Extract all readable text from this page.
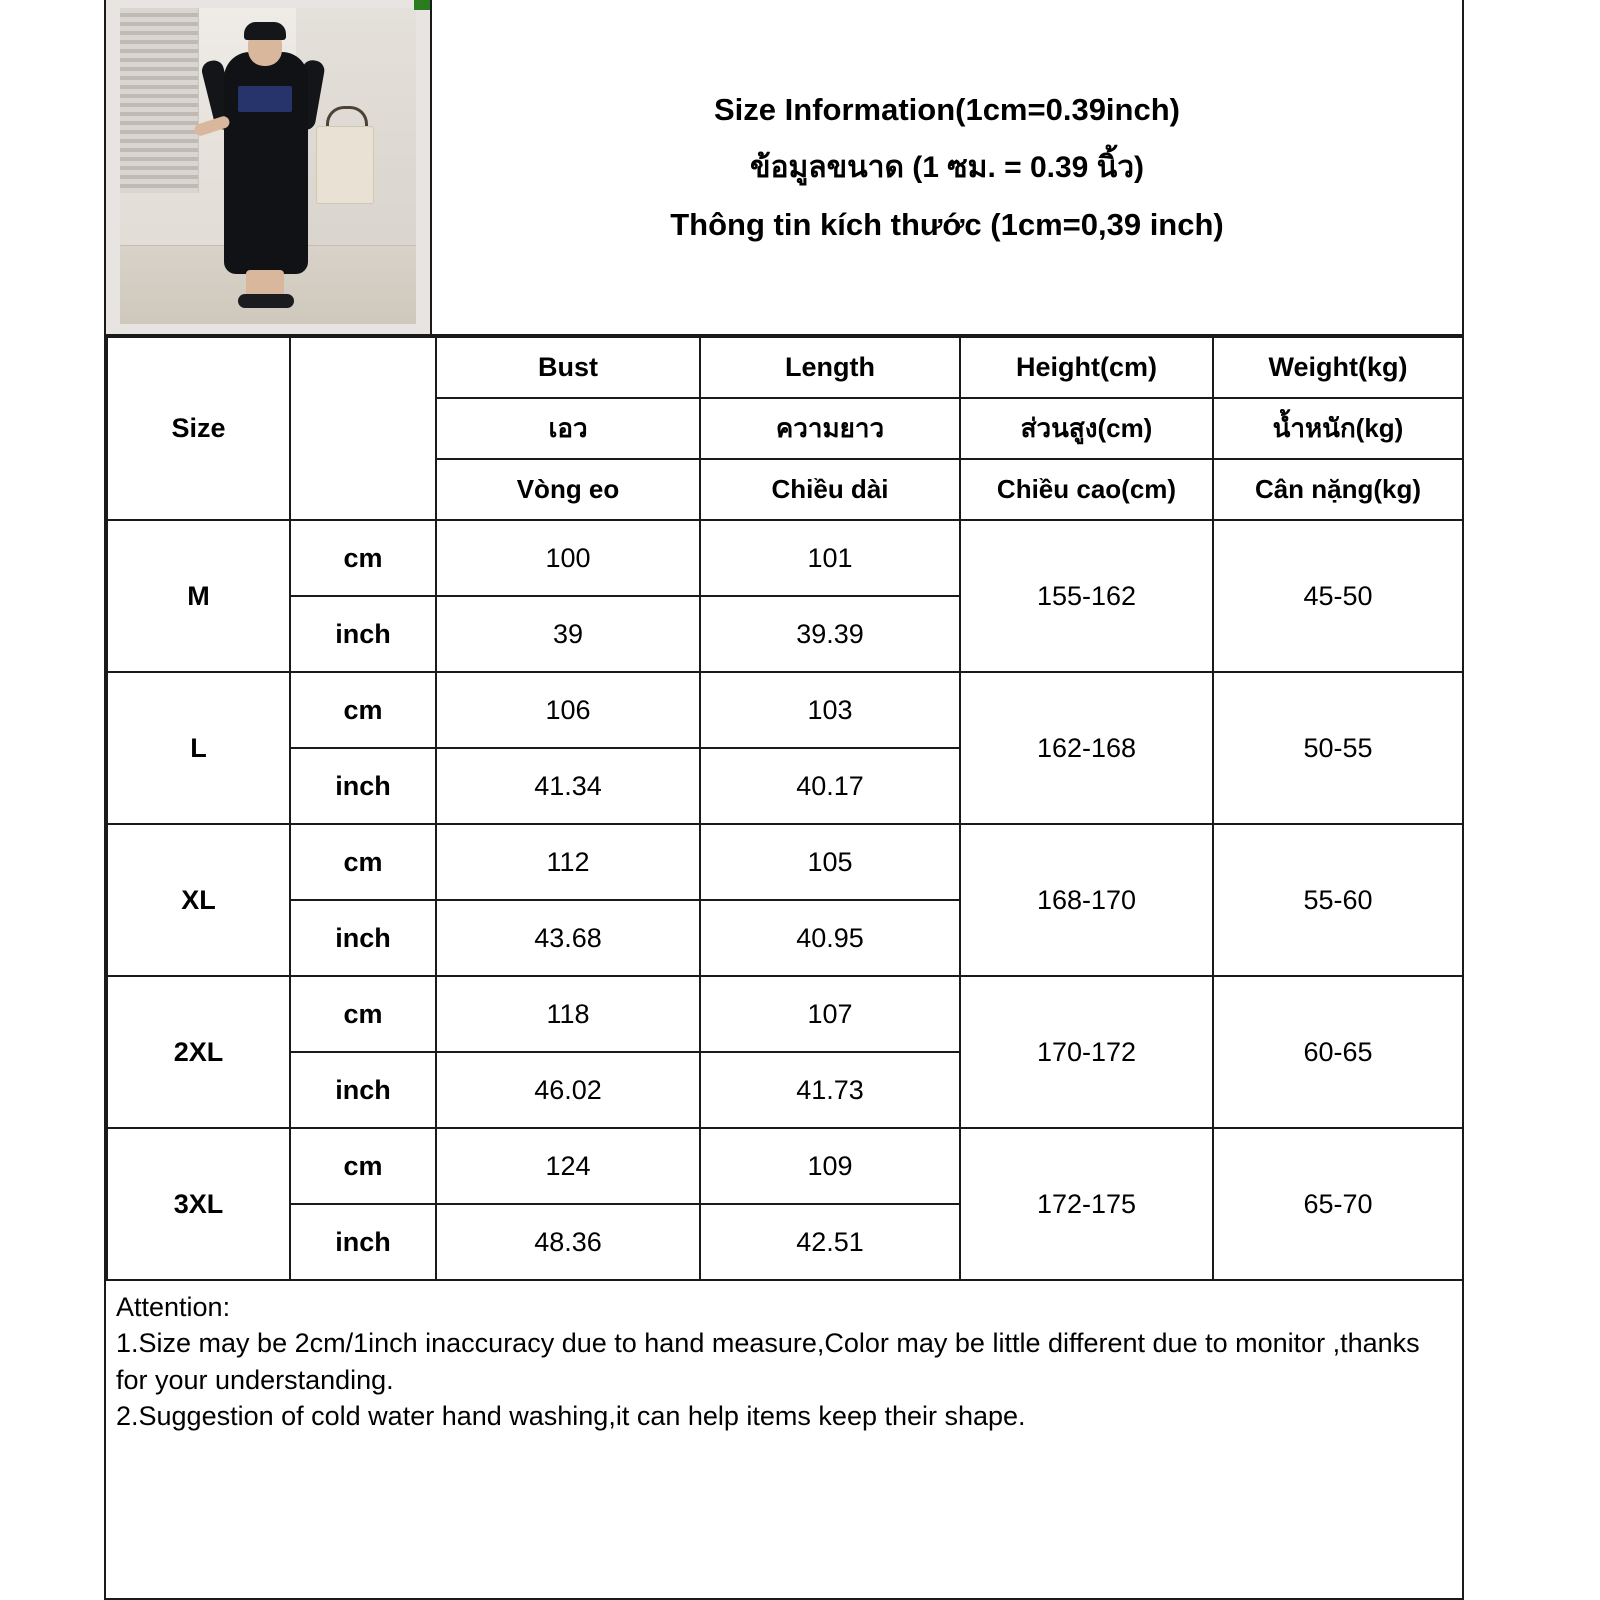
Size Information(1cm=0.39inch)
ข้อมูลขนาด (1 ซม. = 0.39 นิ้ว)
Thông tin kích thước (1cm=0,39 inch)
Size		Bust	Length	Height(cm)	Weight(kg)
		เอว	ความยาว	ส่วนสูง(cm)	น้ำหนัก(kg)
		Vòng eo	Chiều dài	Chiều cao(cm)	Cân nặng(kg)
M	cm	100	101	155-162	45-50
	inch	39	39.39		
L	cm	106	103	162-168	50-55
	inch	41.34	40.17		
XL	cm	112	105	168-170	55-60
	inch	43.68	40.95		
2XL	cm	118	107	170-172	60-65
	inch	46.02	41.73		
3XL	cm	124	109	172-175	65-70
	inch	48.36	42.51		
Attention:
1.Size may be 2cm/1inch inaccuracy due to hand measure,Color may be little different due to monitor ,thanks for your understanding.
2.Suggestion of cold water hand washing,it can help items keep their shape.
